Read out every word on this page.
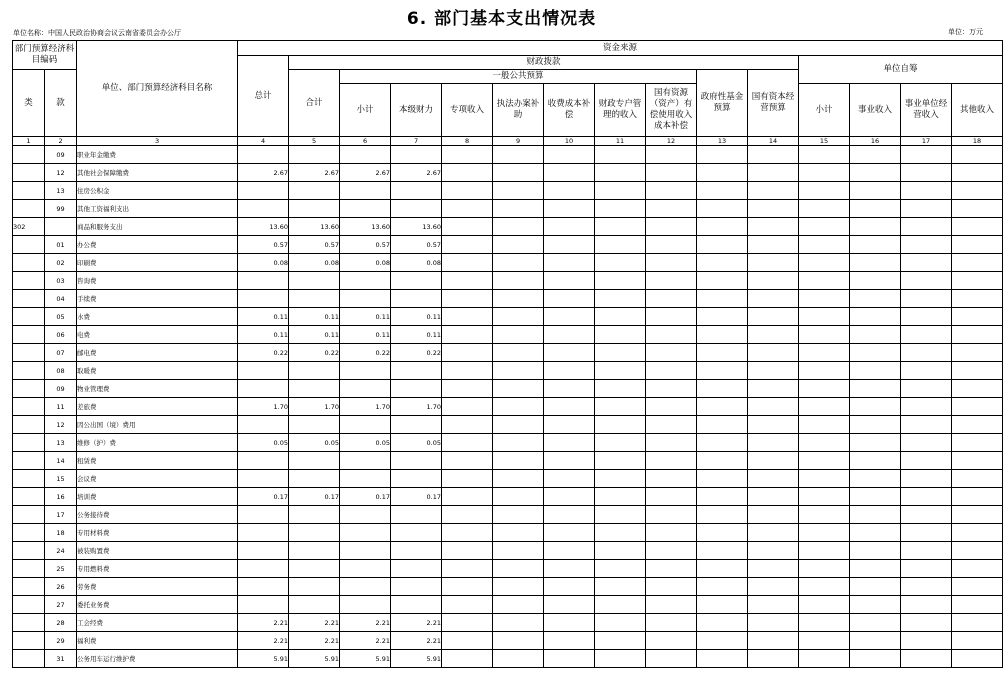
6. 部门基本支出情况表
单位名称：中国人民政治协商会议云南省委员会办公厅	单位：万元
部门预算经济科目编码		单位、部门预算经济科目名称	资金来源														
			总计	财政拨款										单位自筹			
类	款			合计	一般公共预算							政府性基金预算	国有资本经营预算				
					小计	本级财力	专项收入	执法办案补助	收费成本补偿	财政专户管理的收入	国有资源（资产）有偿使用收入成本补偿			小计	事业收入	事业单位经营收入	其他收入
1	2	3	4	5	6	7	8	9	10	11	12	13	14	15	16	17	18
	09	职业年金缴费															
	12	其他社会保障缴费	2.67	2.67	2.67	2.67											
	13	住房公积金															
	99	其他工资福利支出															
302		商品和服务支出	13.60	13.60	13.60	13.60											
	01	办公费	0.57	0.57	0.57	0.57											
	02	印刷费	0.08	0.08	0.08	0.08											
	03	咨询费															
	04	手续费															
	05	水费	0.11	0.11	0.11	0.11											
	06	电费	0.11	0.11	0.11	0.11											
	07	邮电费	0.22	0.22	0.22	0.22											
	08	取暖费															
	09	物业管理费															
	11	差旅费	1.70	1.70	1.70	1.70											
	12	因公出国（境）费用															
	13	维修（护）费	0.05	0.05	0.05	0.05											
	14	租赁费															
	15	会议费															
	16	培训费	0.17	0.17	0.17	0.17											
	17	公务接待费															
	18	专用材料费															
	24	被装购置费															
	25	专用燃料费															
	26	劳务费															
	27	委托业务费															
	28	工会经费	2.21	2.21	2.21	2.21											
	29	福利费	2.21	2.21	2.21	2.21											
	31	公务用车运行维护费	5.91	5.91	5.91	5.91											
